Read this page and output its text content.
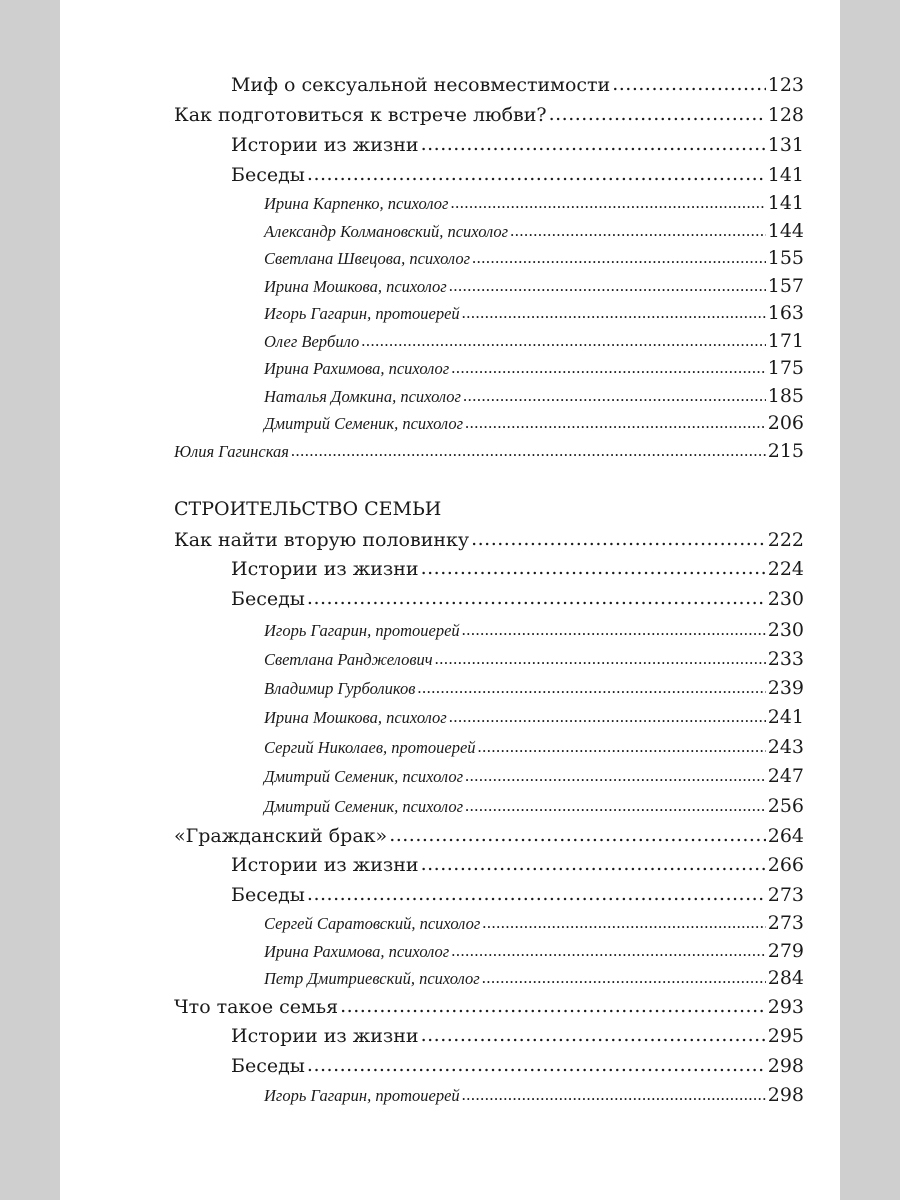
Миф о сексуальной несовместимости .....	123
Как подготовиться к встрече любви? .....	128
Истории из жизни .....	131
Беседы .....	141
Ирина Карпенко, психолог .....	141
Александр Колмановский, психолог .....	144
Светлана Швецова, психолог .....	155
Ирина Мошкова, психолог .....	157
Игорь Гагарин, протоиерей .....	163
Олег Вербило .....	171
Ирина Рахимова, психолог .....	175
Наталья Домкина, психолог .....	185
Дмитрий Семеник, психолог .....	206
Юлия Гагинская .....	215
СТРОИТЕЛЬСТВО СЕМЬИ
Как найти вторую половинку .....	222
Истории из жизни .....	224
Беседы .....	230
Игорь Гагарин, протоиерей .....	230
Светлана Ранджелович .....	233
Владимир Гурболиков .....	239
Ирина Мошкова, психолог .....	241
Сергий Николаев, протоиерей .....	243
Дмитрий Семеник, психолог .....	247
Дмитрий Семеник, психолог .....	256
«Гражданский брак» .....	264
Истории из жизни .....	266
Беседы .....	273
Сергей Саратовский, психолог .....	273
Ирина Рахимова, психолог .....	279
Петр Дмитриевский, психолог .....	284
Что такое семья .....	293
Истории из жизни .....	295
Беседы .....	298
Игорь Гагарин, протоиерей .....	298
